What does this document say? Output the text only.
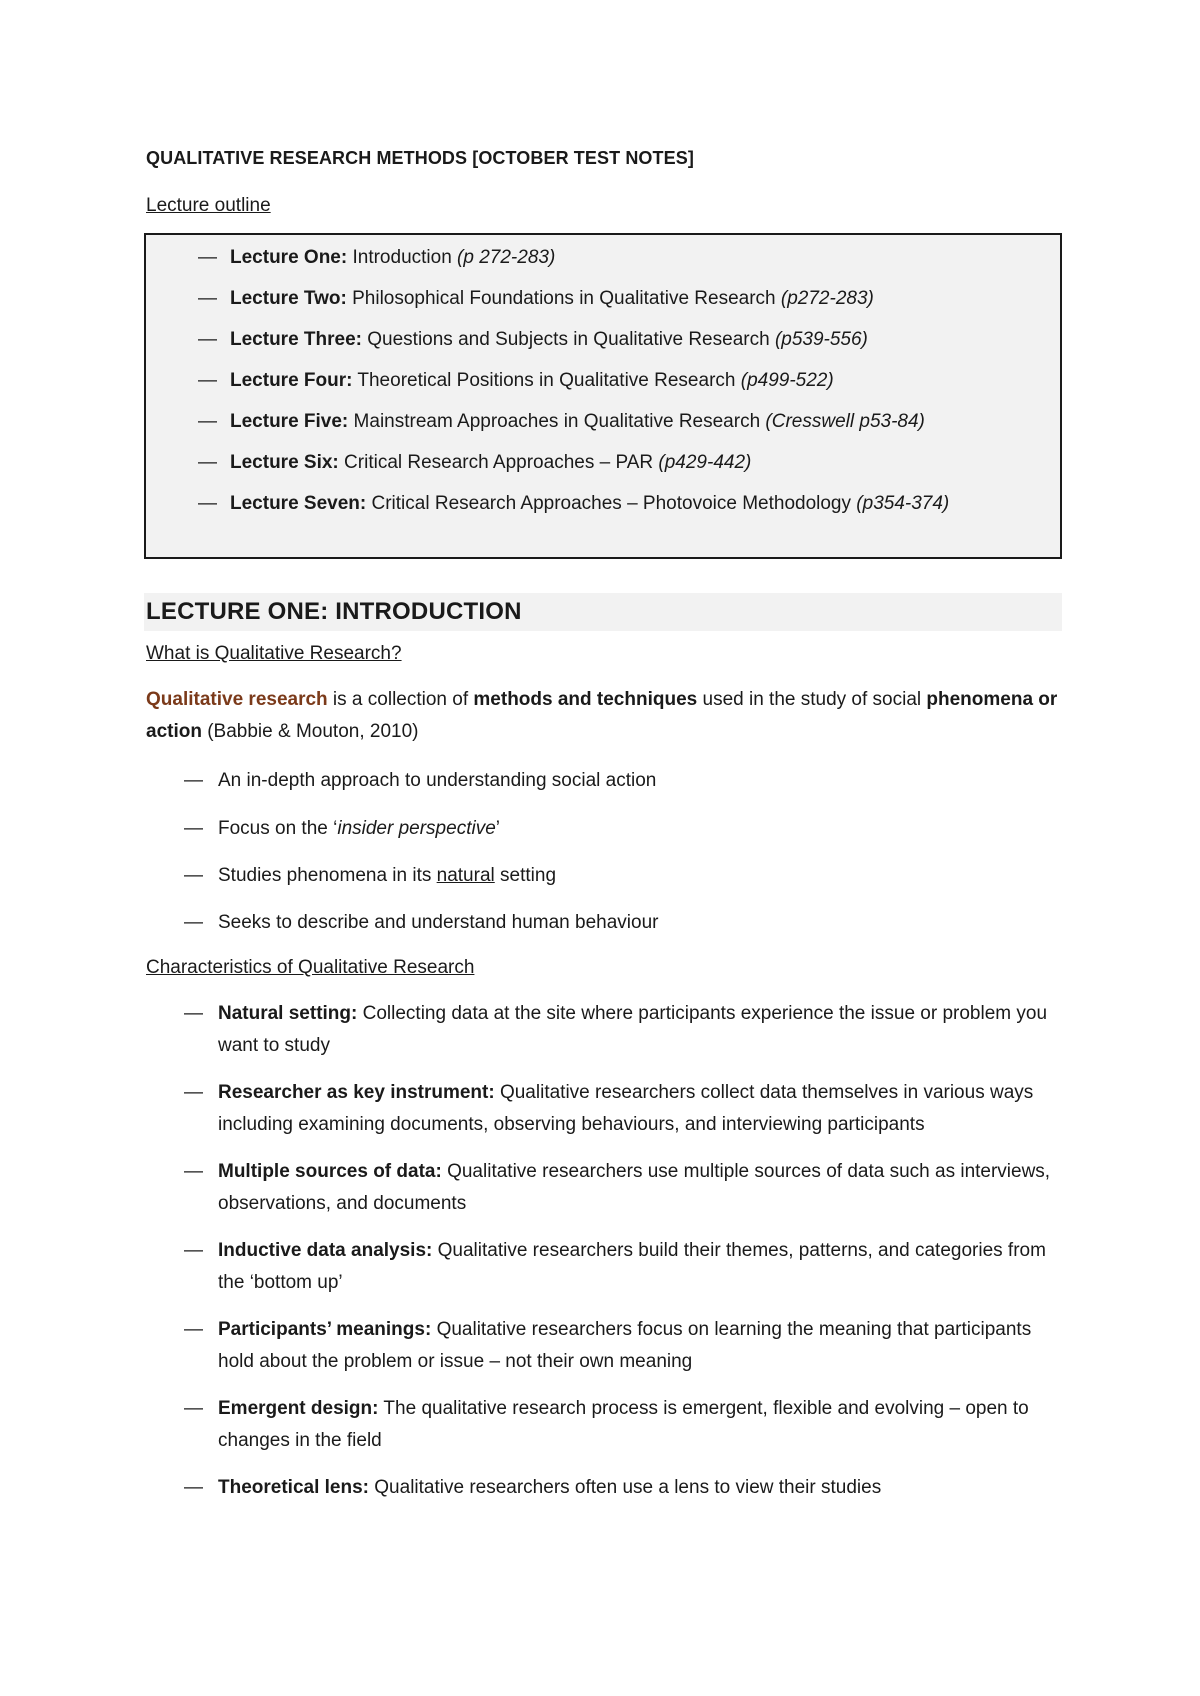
QUALITATIVE RESEARCH METHODS [OCTOBER TEST NOTES]
Lecture outline
— Lecture One: Introduction (p 272-283)
— Lecture Two: Philosophical Foundations in Qualitative Research (p272-283)
— Lecture Three: Questions and Subjects in Qualitative Research (p539-556)
— Lecture Four: Theoretical Positions in Qualitative Research (p499-522)
— Lecture Five: Mainstream Approaches in Qualitative Research (Cresswell p53-84)
— Lecture Six: Critical Research Approaches – PAR (p429-442)
— Lecture Seven: Critical Research Approaches – Photovoice Methodology (p354-374)
LECTURE ONE: INTRODUCTION
What is Qualitative Research?
Qualitative research is a collection of methods and techniques used in the study of social phenomena or action (Babbie & Mouton, 2010)
— An in-depth approach to understanding social action
— Focus on the ‘insider perspective’
— Studies phenomena in its natural setting
— Seeks to describe and understand human behaviour
Characteristics of Qualitative Research
— Natural setting: Collecting data at the site where participants experience the issue or problem you want to study
— Researcher as key instrument: Qualitative researchers collect data themselves in various ways including examining documents, observing behaviours, and interviewing participants
— Multiple sources of data: Qualitative researchers use multiple sources of data such as interviews, observations, and documents
— Inductive data analysis: Qualitative researchers build their themes, patterns, and categories from the ‘bottom up’
— Participants’ meanings: Qualitative researchers focus on learning the meaning that participants hold about the problem or issue – not their own meaning
— Emergent design: The qualitative research process is emergent, flexible and evolving – open to changes in the field
— Theoretical lens: Qualitative researchers often use a lens to view their studies
